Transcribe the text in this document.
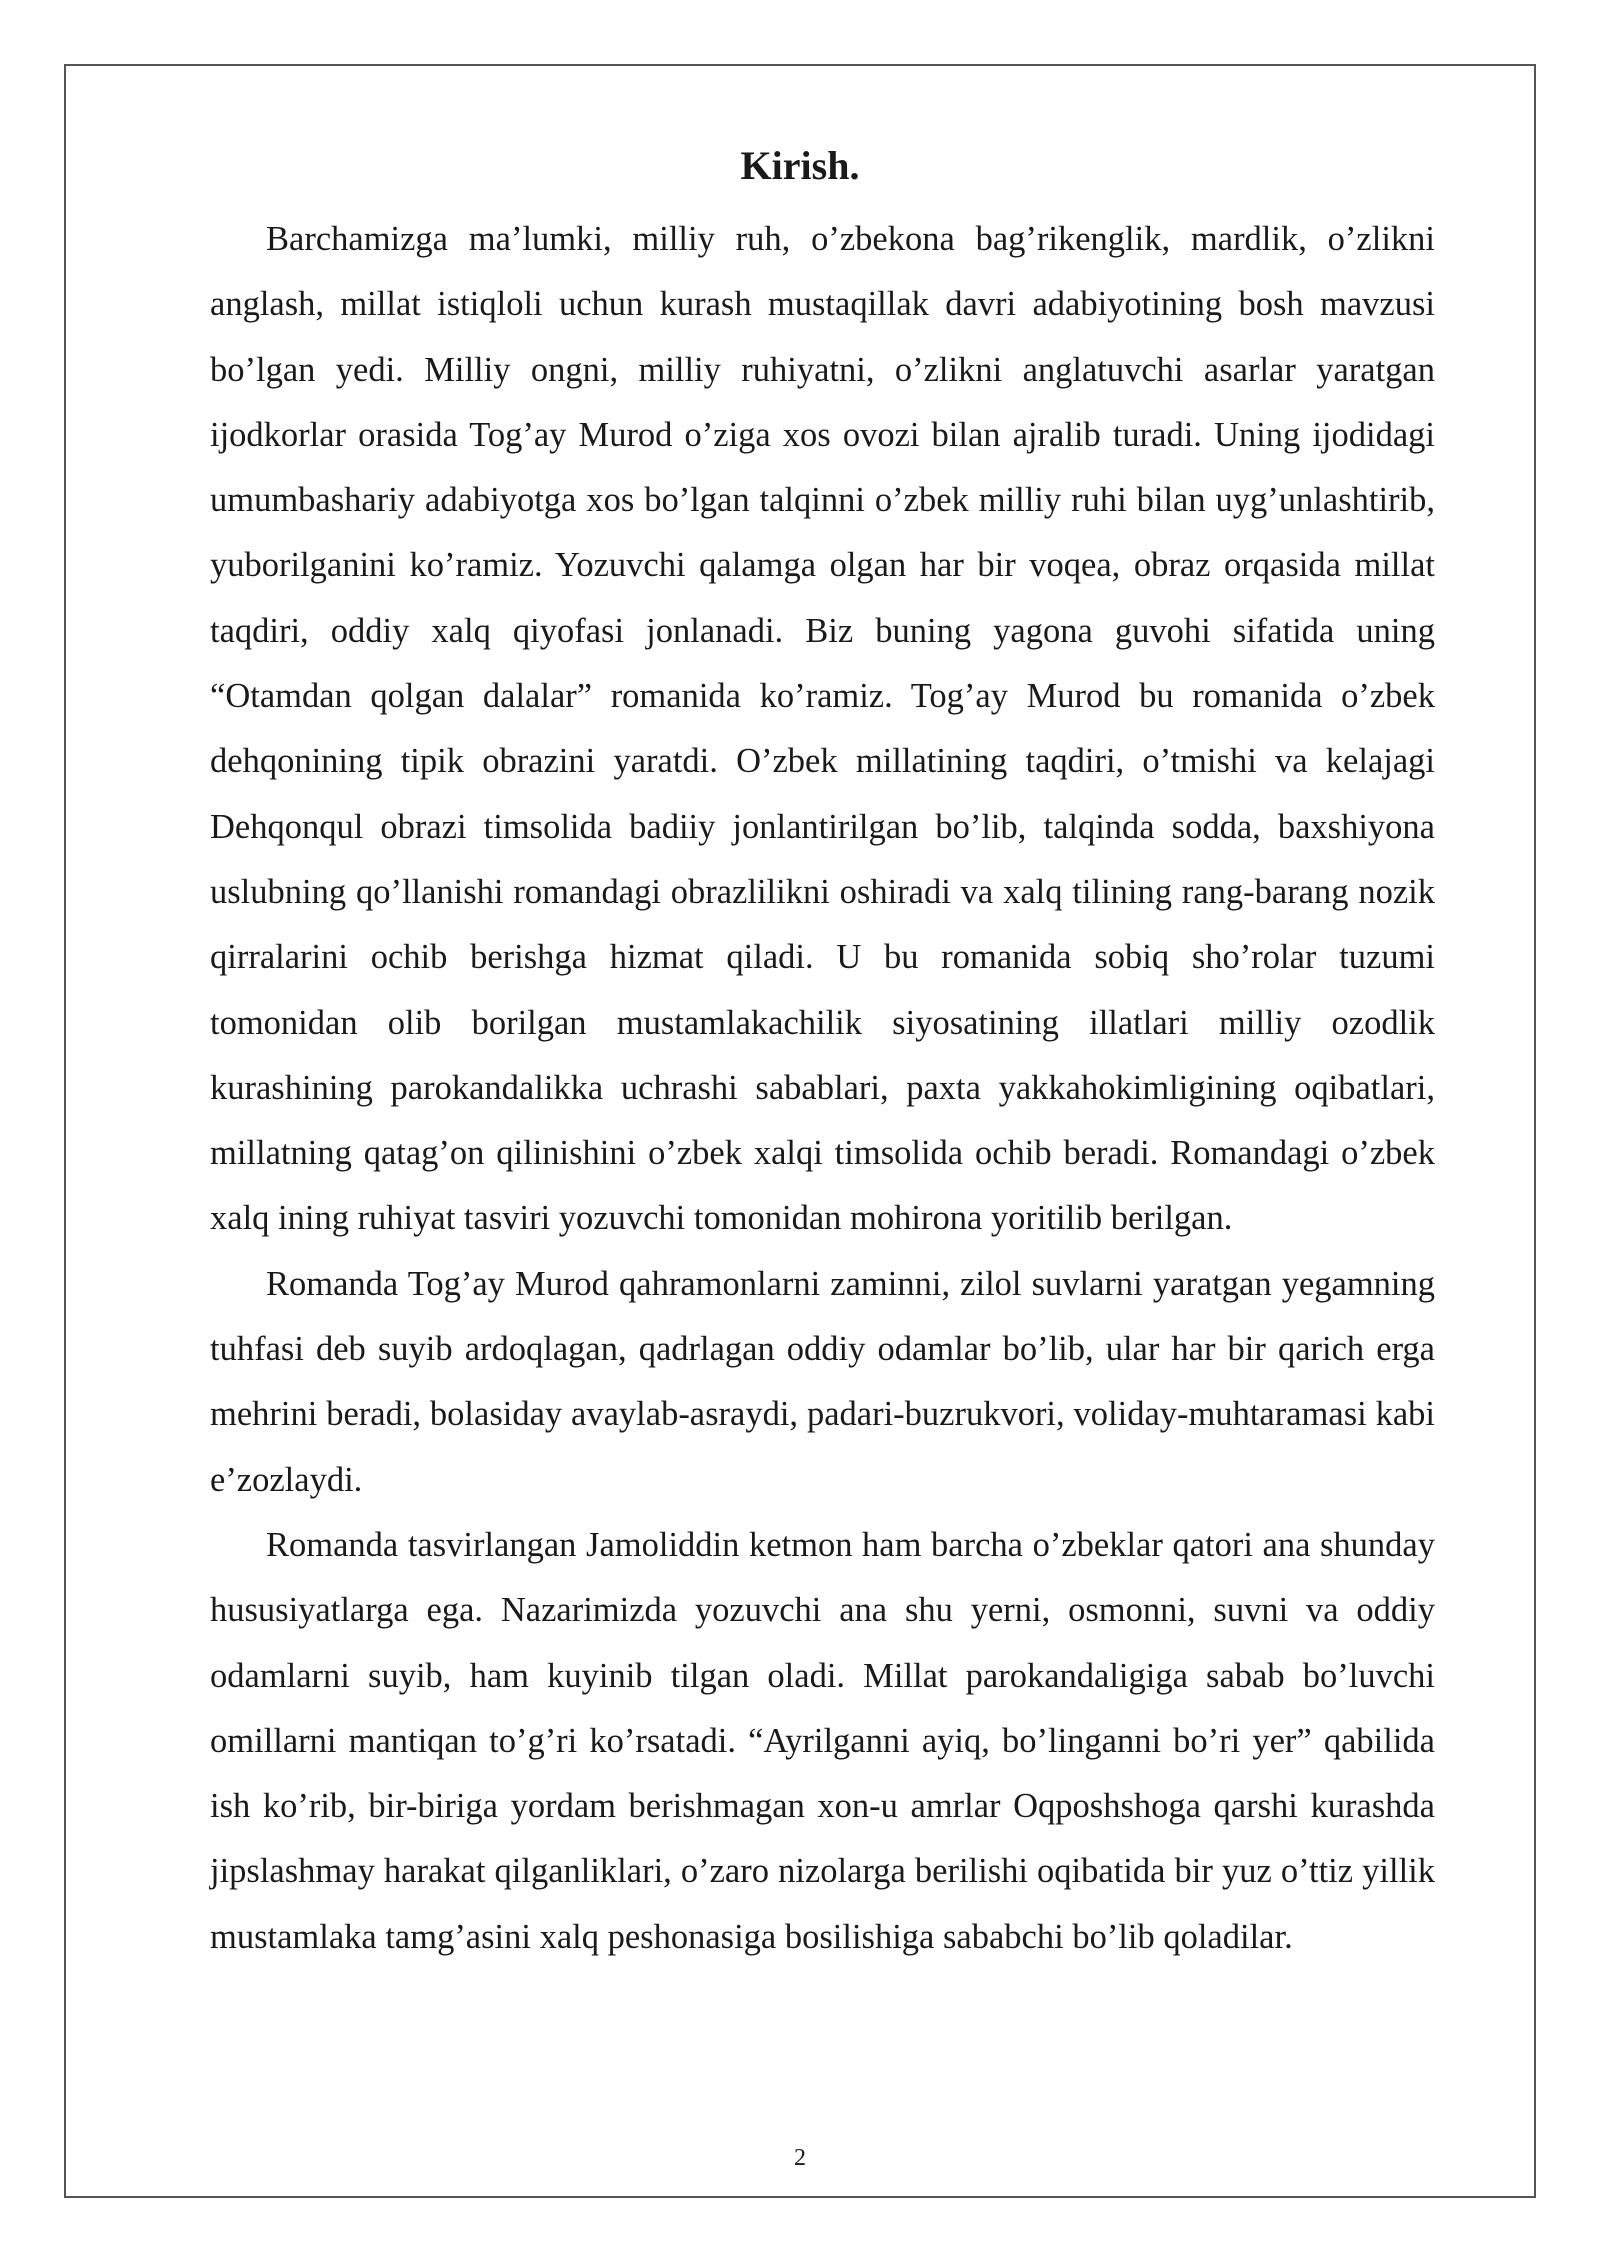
Kirish.

Barchamizga ma’lumki, milliy ruh, o’zbekona bag’rikenglik, mardlik, o’zlikni anglash, millat istiqloli uchun kurash mustaqillak davri adabiyotining bosh mavzusi bo’lgan yedi. Milliy ongni, milliy ruhiyatni, o’zlikni anglatuvchi asarlar yaratgan ijodkorlar orasida Tog’ay Murod o’ziga xos ovozi bilan ajralib turadi. Uning ijodidagi umumbashariy adabiyotga xos bo’lgan talqinni o’zbek milliy ruhi bilan uyg’unlashtirib, yuborilganini ko’ramiz. Yozuvchi qalamga olgan har bir voqea, obraz orqasida millat taqdiri, oddiy xalq qiyofasi jonlanadi. Biz buning yagona guvohi sifatida uning “Otamdan qolgan dalalar” romanida ko’ramiz. Tog’ay Murod bu romanida o’zbek dehqonining tipik obrazini yaratdi. O’zbek millatining taqdiri, o’tmishi va kelajagi Dehqonqul obrazi timsolida badiiy jonlantirilgan bo’lib, talqinda sodda, baxshiyona uslubning qo’llanishi romandagi obrazlilikni oshiradi va xalq tilining rang-barang nozik qirralarini ochib berishga hizmat qiladi. U bu romanida sobiq sho’rolar tuzumi tomonidan olib borilgan mustamlakachilik siyosatining illatlari milliy ozodlik kurashining parokandalikka uchrashi sabablari, paxta yakkahokimligining oqibatlari, millatning qatag’on qilinishini o’zbek xalqi timsolida ochib beradi. Romandagi o’zbek xalq ining ruhiyat tasviri yozuvchi tomonidan mohirona yoritilib berilgan.

Romanda Tog’ay Murod qahramonlarni zaminni, zilol suvlarni yaratgan yegamning tuhfasi deb suyib ardoqlagan, qadrlagan oddiy odamlar bo’lib, ular har bir qarich erga mehrini beradi, bolasiday avaylab-asraydi, padari-buzrukvori, voliday-muhtaramasi kabi e’zozlaydi.

Romanda tasvirlangan Jamoliddin ketmon ham barcha o’zbeklar qatori ana shunday hususiyatlarga ega. Nazarimizda yozuvchi ana shu yerni, osmonni, suvni va oddiy odamlarni suyib, ham kuyinib tilgan oladi. Millat parokandaligiga sabab bo’luvchi omillarni mantiqan to’g’ri ko’rsatadi. “Ayrilganni ayiq, bo’linganni bo’ri yer” qabilida ish ko’rib, bir-biriga yordam berishmagan xon-u amrlar Oqposhshoga qarshi kurashda jipslashmay harakat qilganliklari, o’zaro nizolarga berilishi oqibatida bir yuz o’ttiz yillik mustamlaka tamg’asini xalq peshonasiga bosilishiga sababchi bo’lib qoladilar.

2
